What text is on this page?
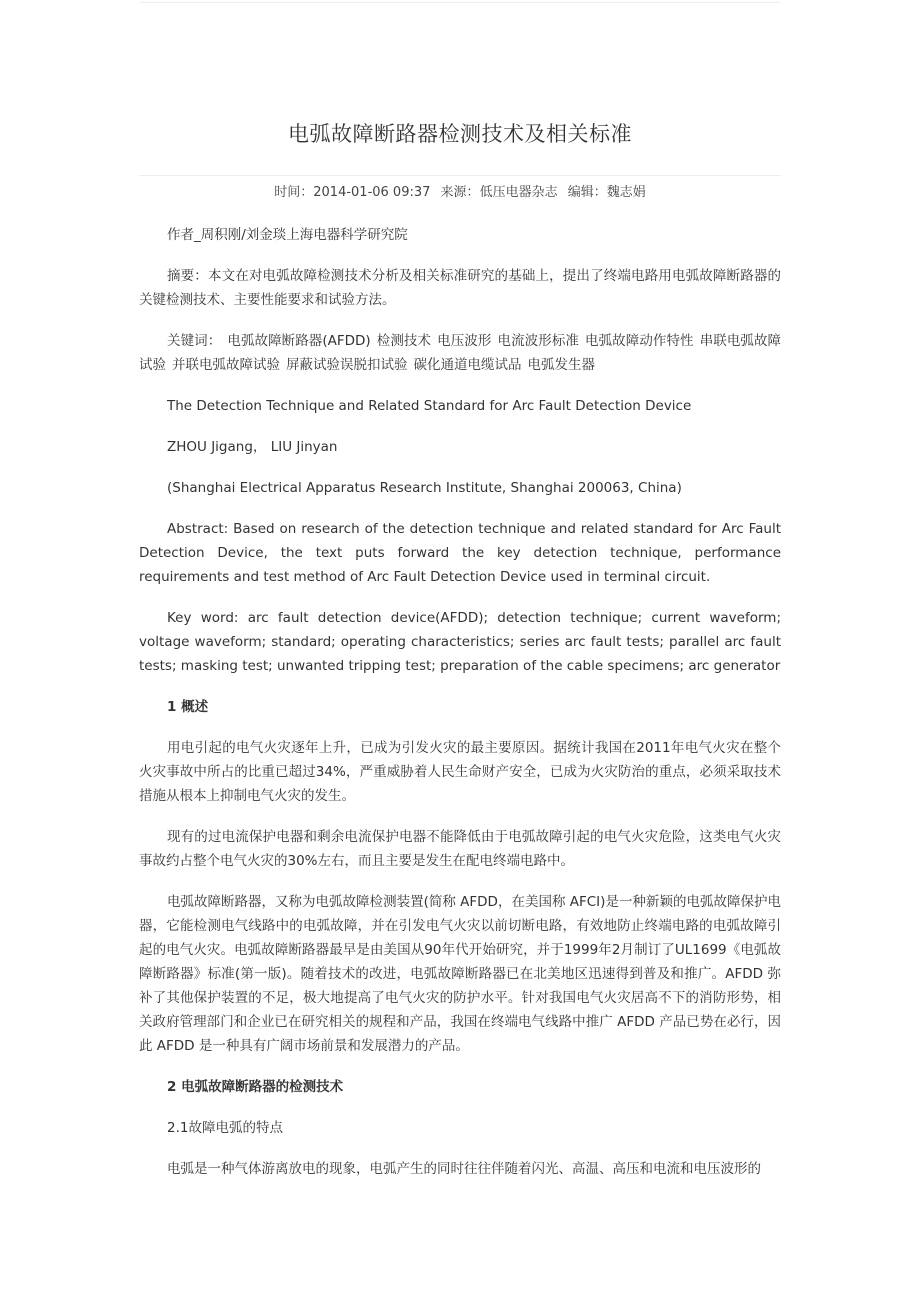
电弧故障断路器检测技术及相关标准
时间：2014-01-06 09:37 来源：低压电器杂志 编辑：魏志娟

作者_周积刚/刘金琰上海电器科学研究院

摘要：本文在对电弧故障检测技术分析及相关标准研究的基础上，提出了终端电路用电弧故障断路器的关键检测技术、主要性能要求和试验方法。

关键词： 电弧故障断路器(AFDD) 检测技术 电压波形 电流波形标准 电弧故障动作特性 串联电弧故障试验 并联电弧故障试验 屏蔽试验误脱扣试验 碳化通道电缆试品 电弧发生器

The Detection Technique and Related Standard for Arc Fault Detection Device

ZHOU Jigang， LIU Jinyan

(Shanghai Electrical Apparatus Research Institute, Shanghai 200063, China)

Abstract: Based on research of the detection technique and related standard for Arc Fault Detection Device, the text puts forward the key detection technique, performance requirements and test method of Arc Fault Detection Device used in terminal circuit.

Key word: arc fault detection device(AFDD); detection technique; current waveform; voltage waveform; standard; operating characteristics; series arc fault tests; parallel arc fault tests; masking test; unwanted tripping test; preparation of the cable specimens; arc generator

1 概述

用电引起的电气火灾逐年上升，已成为引发火灾的最主要原因。据统计我国在2011年电气火灾在整个火灾事故中所占的比重已超过34%，严重威胁着人民生命财产安全，已成为火灾防治的重点，必须采取技术措施从根本上抑制电气火灾的发生。

现有的过电流保护电器和剩余电流保护电器不能降低由于电弧故障引起的电气火灾危险，这类电气火灾事故约占整个电气火灾的30%左右，而且主要是发生在配电终端电路中。

电弧故障断路器，又称为电弧故障检测装置(简称 AFDD，在美国称 AFCI)是一种新颖的电弧故障保护电器，它能检测电气线路中的电弧故障，并在引发电气火灾以前切断电路，有效地防止终端电路的电弧故障引起的电气火灾。电弧故障断路器最早是由美国从90年代开始研究，并于1999年2月制订了UL1699《电弧故障断路器》标准(第一版)。随着技术的改进，电弧故障断路器已在北美地区迅速得到普及和推广。AFDD 弥补了其他保护装置的不足，极大地提高了电气火灾的防护水平。针对我国电气火灾居高不下的消防形势，相关政府管理部门和企业已在研究相关的规程和产品，我国在终端电气线路中推广 AFDD 产品已势在必行，因此 AFDD 是一种具有广阔市场前景和发展潜力的产品。

2 电弧故障断路器的检测技术

2.1故障电弧的特点

电弧是一种气体游离放电的现象，电弧产生的同时往往伴随着闪光、高温、高压和电流和电压波形的
